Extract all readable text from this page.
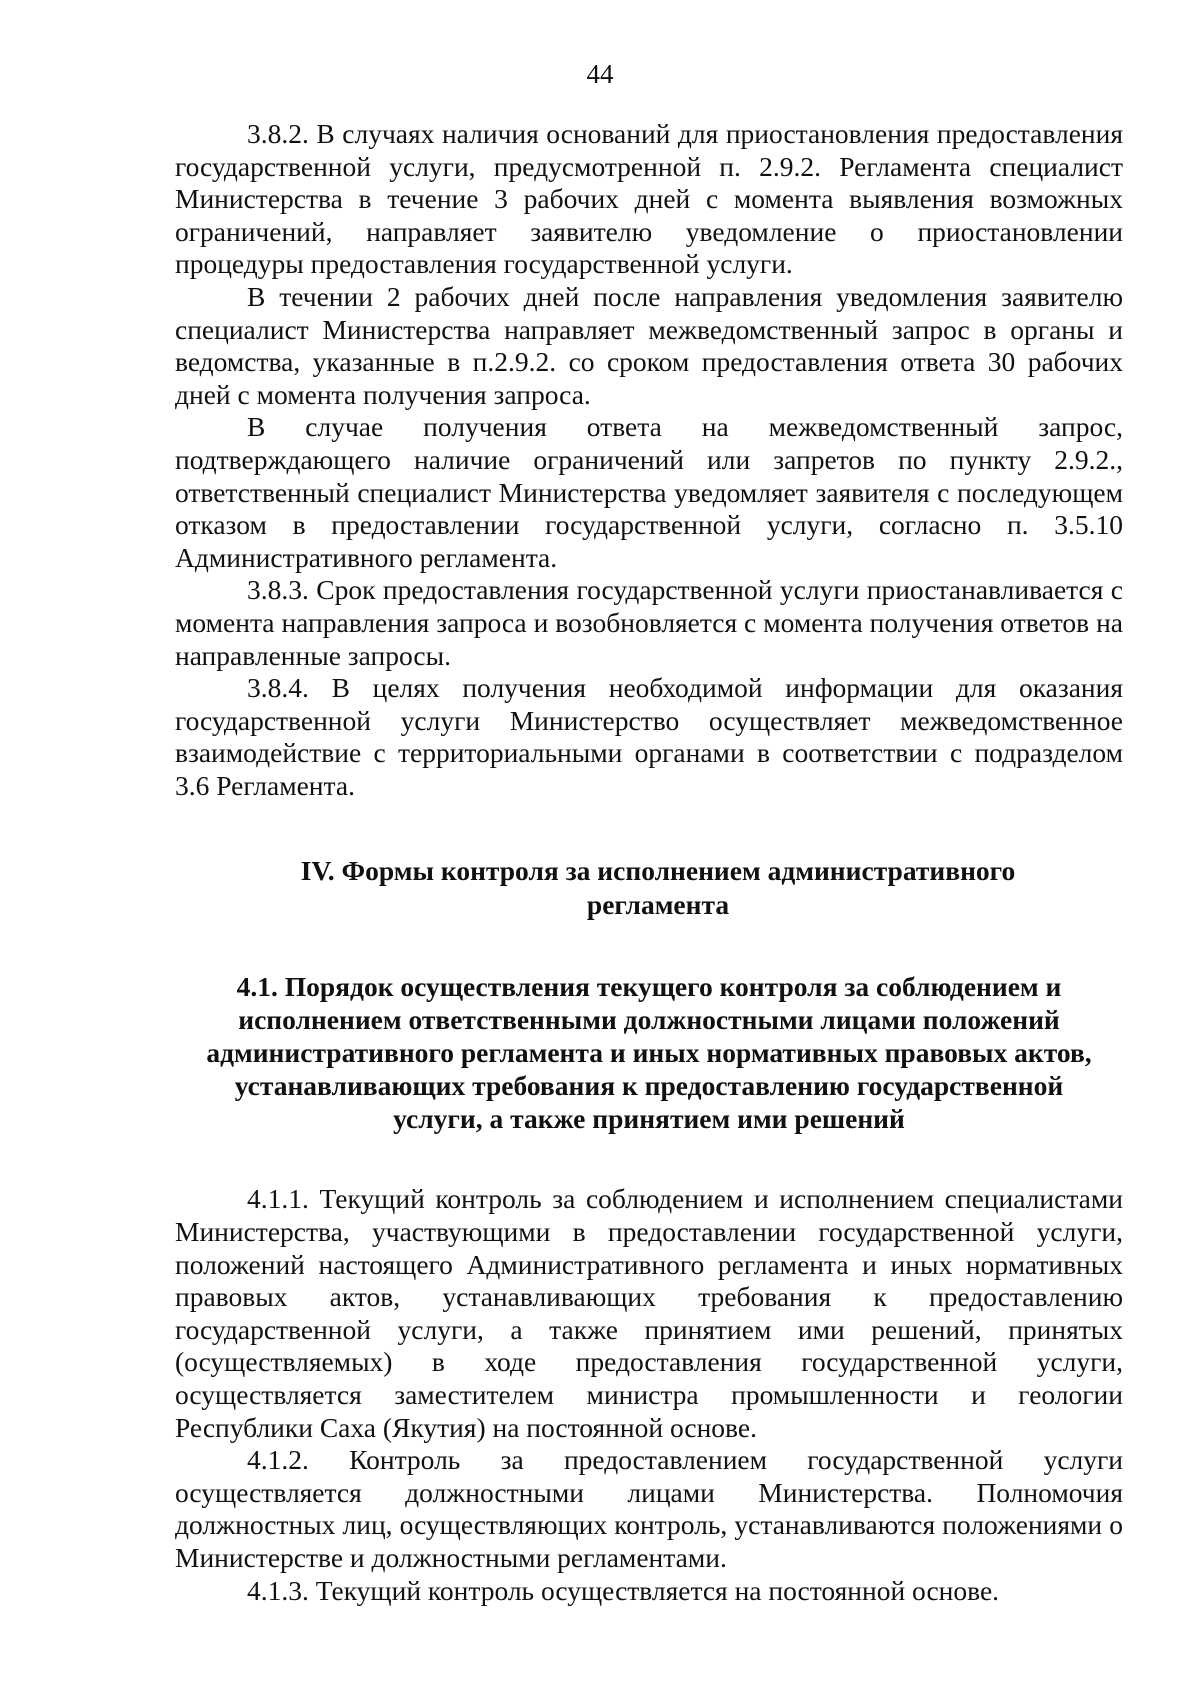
44

3.8.2. В случаях наличия оснований для приостановления предоставления государственной услуги, предусмотренной п. 2.9.2. Регламента специалист Министерства в течение 3 рабочих дней с момента выявления возможных ограничений, направляет заявителю уведомление о приостановлении процедуры предоставления государственной услуги.

В течении 2 рабочих дней после направления уведомления заявителю специалист Министерства направляет межведомственный запрос в органы и ведомства, указанные в п.2.9.2. со сроком предоставления ответа 30 рабочих дней с момента получения запроса.

В случае получения ответа на межведомственный запрос, подтверждающего наличие ограничений или запретов по пункту 2.9.2., ответственный специалист Министерства уведомляет заявителя с последующем отказом в предоставлении государственной услуги, согласно п. 3.5.10 Административного регламента.

3.8.3. Срок предоставления государственной услуги приостанавливается с момента направления запроса и возобновляется с момента получения ответов на направленные запросы.

3.8.4. В целях получения необходимой информации для оказания государственной услуги Министерство осуществляет межведомственное взаимодействие с территориальными органами в соответствии с подразделом 3.6 Регламента.

IV. Формы контроля за исполнением административного
регламента
4.1. Порядок осуществления текущего контроля за соблюдением и
исполнением ответственными должностными лицами положений
административного регламента и иных нормативных правовых актов,
устанавливающих требования к предоставлению государственной
услуги, а также принятием ими решений

4.1.1. Текущий контроль за соблюдением и исполнением специалистами Министерства, участвующими в предоставлении государственной услуги, положений настоящего Административного регламента и иных нормативных правовых актов, устанавливающих требования к предоставлению государственной услуги, а также принятием ими решений, принятых (осуществляемых) в ходе предоставления государственной услуги, осуществляется заместителем министра промышленности и геологии Республики Саха (Якутия) на постоянной основе.

4.1.2. Контроль за предоставлением государственной услуги осуществляется должностными лицами Министерства. Полномочия должностных лиц, осуществляющих контроль, устанавливаются положениями о Министерстве и должностными регламентами.

4.1.3. Текущий контроль осуществляется на постоянной основе.
